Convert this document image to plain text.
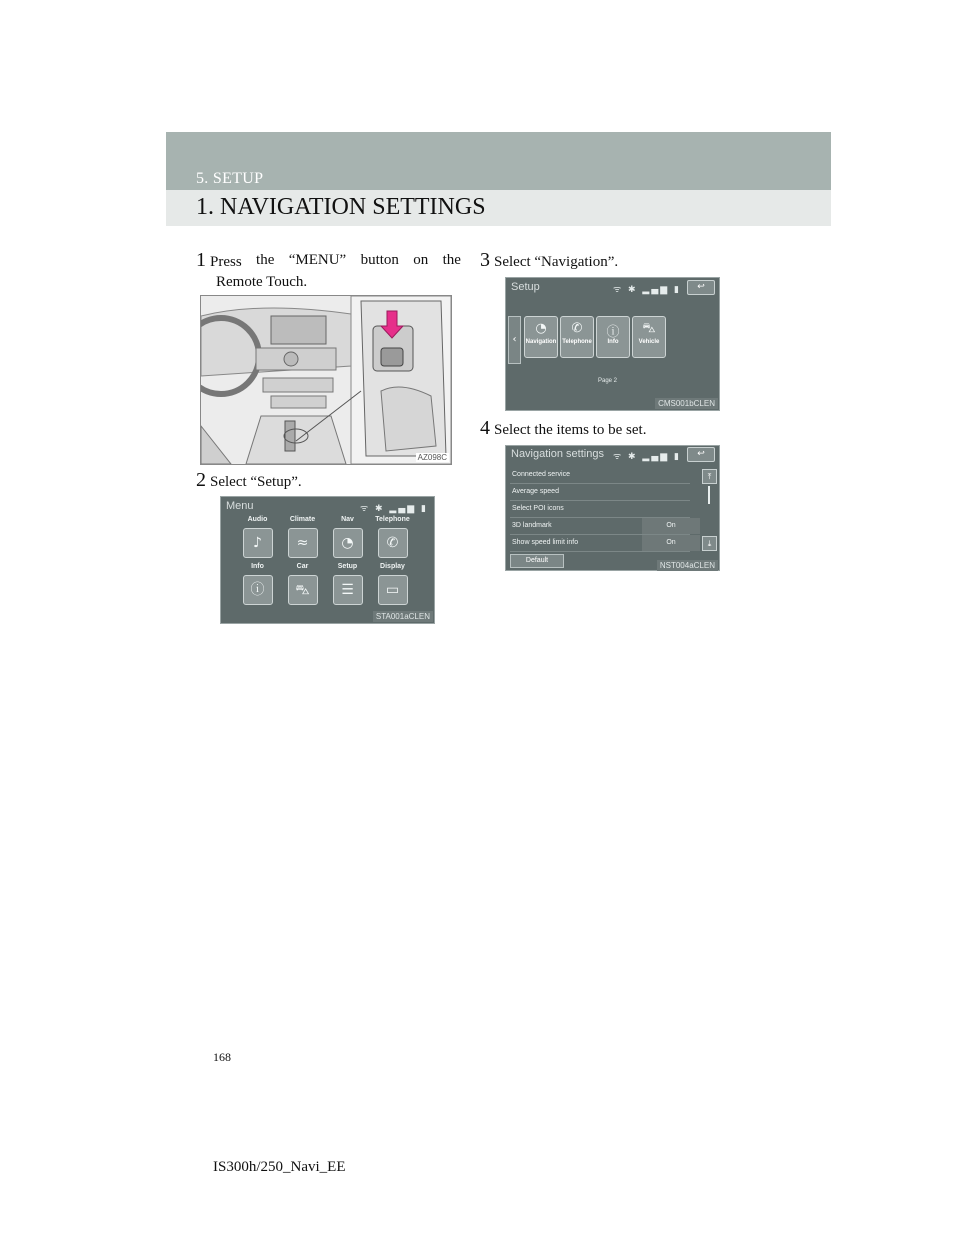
5. SETUP
1. NAVIGATION SETTINGS
1 Press the “MENU” button on the
Remote Touch.
AZ098C
2 Select “Setup”.
Menu	ᯤ ✱ ▂▄▆ ▮
Audio	Climate	Nav	Telephone
♪	≈	◔	✆
Info	Car	Setup	Display
ⓘ	⛍	☰	▭
STA001aCLEN
3 Select “Navigation”.
Setup	ᯤ ✱ ▂▄▆ ▮	↩
‹
◔
Navigation
✆
Telephone
ⓘ
Info
⛍
Vehicle
Page 2
CMS001bCLEN
4 Select the items to be set.
Navigation settings ᯤ ✱ ▂▄▆ ▮	↩
Connected service
Average speed
Select POI icons
3D landmark	On
Show speed limit info	On
⤒
⤓
Default
NST004aCLEN
168
IS300h/250_Navi_EE
